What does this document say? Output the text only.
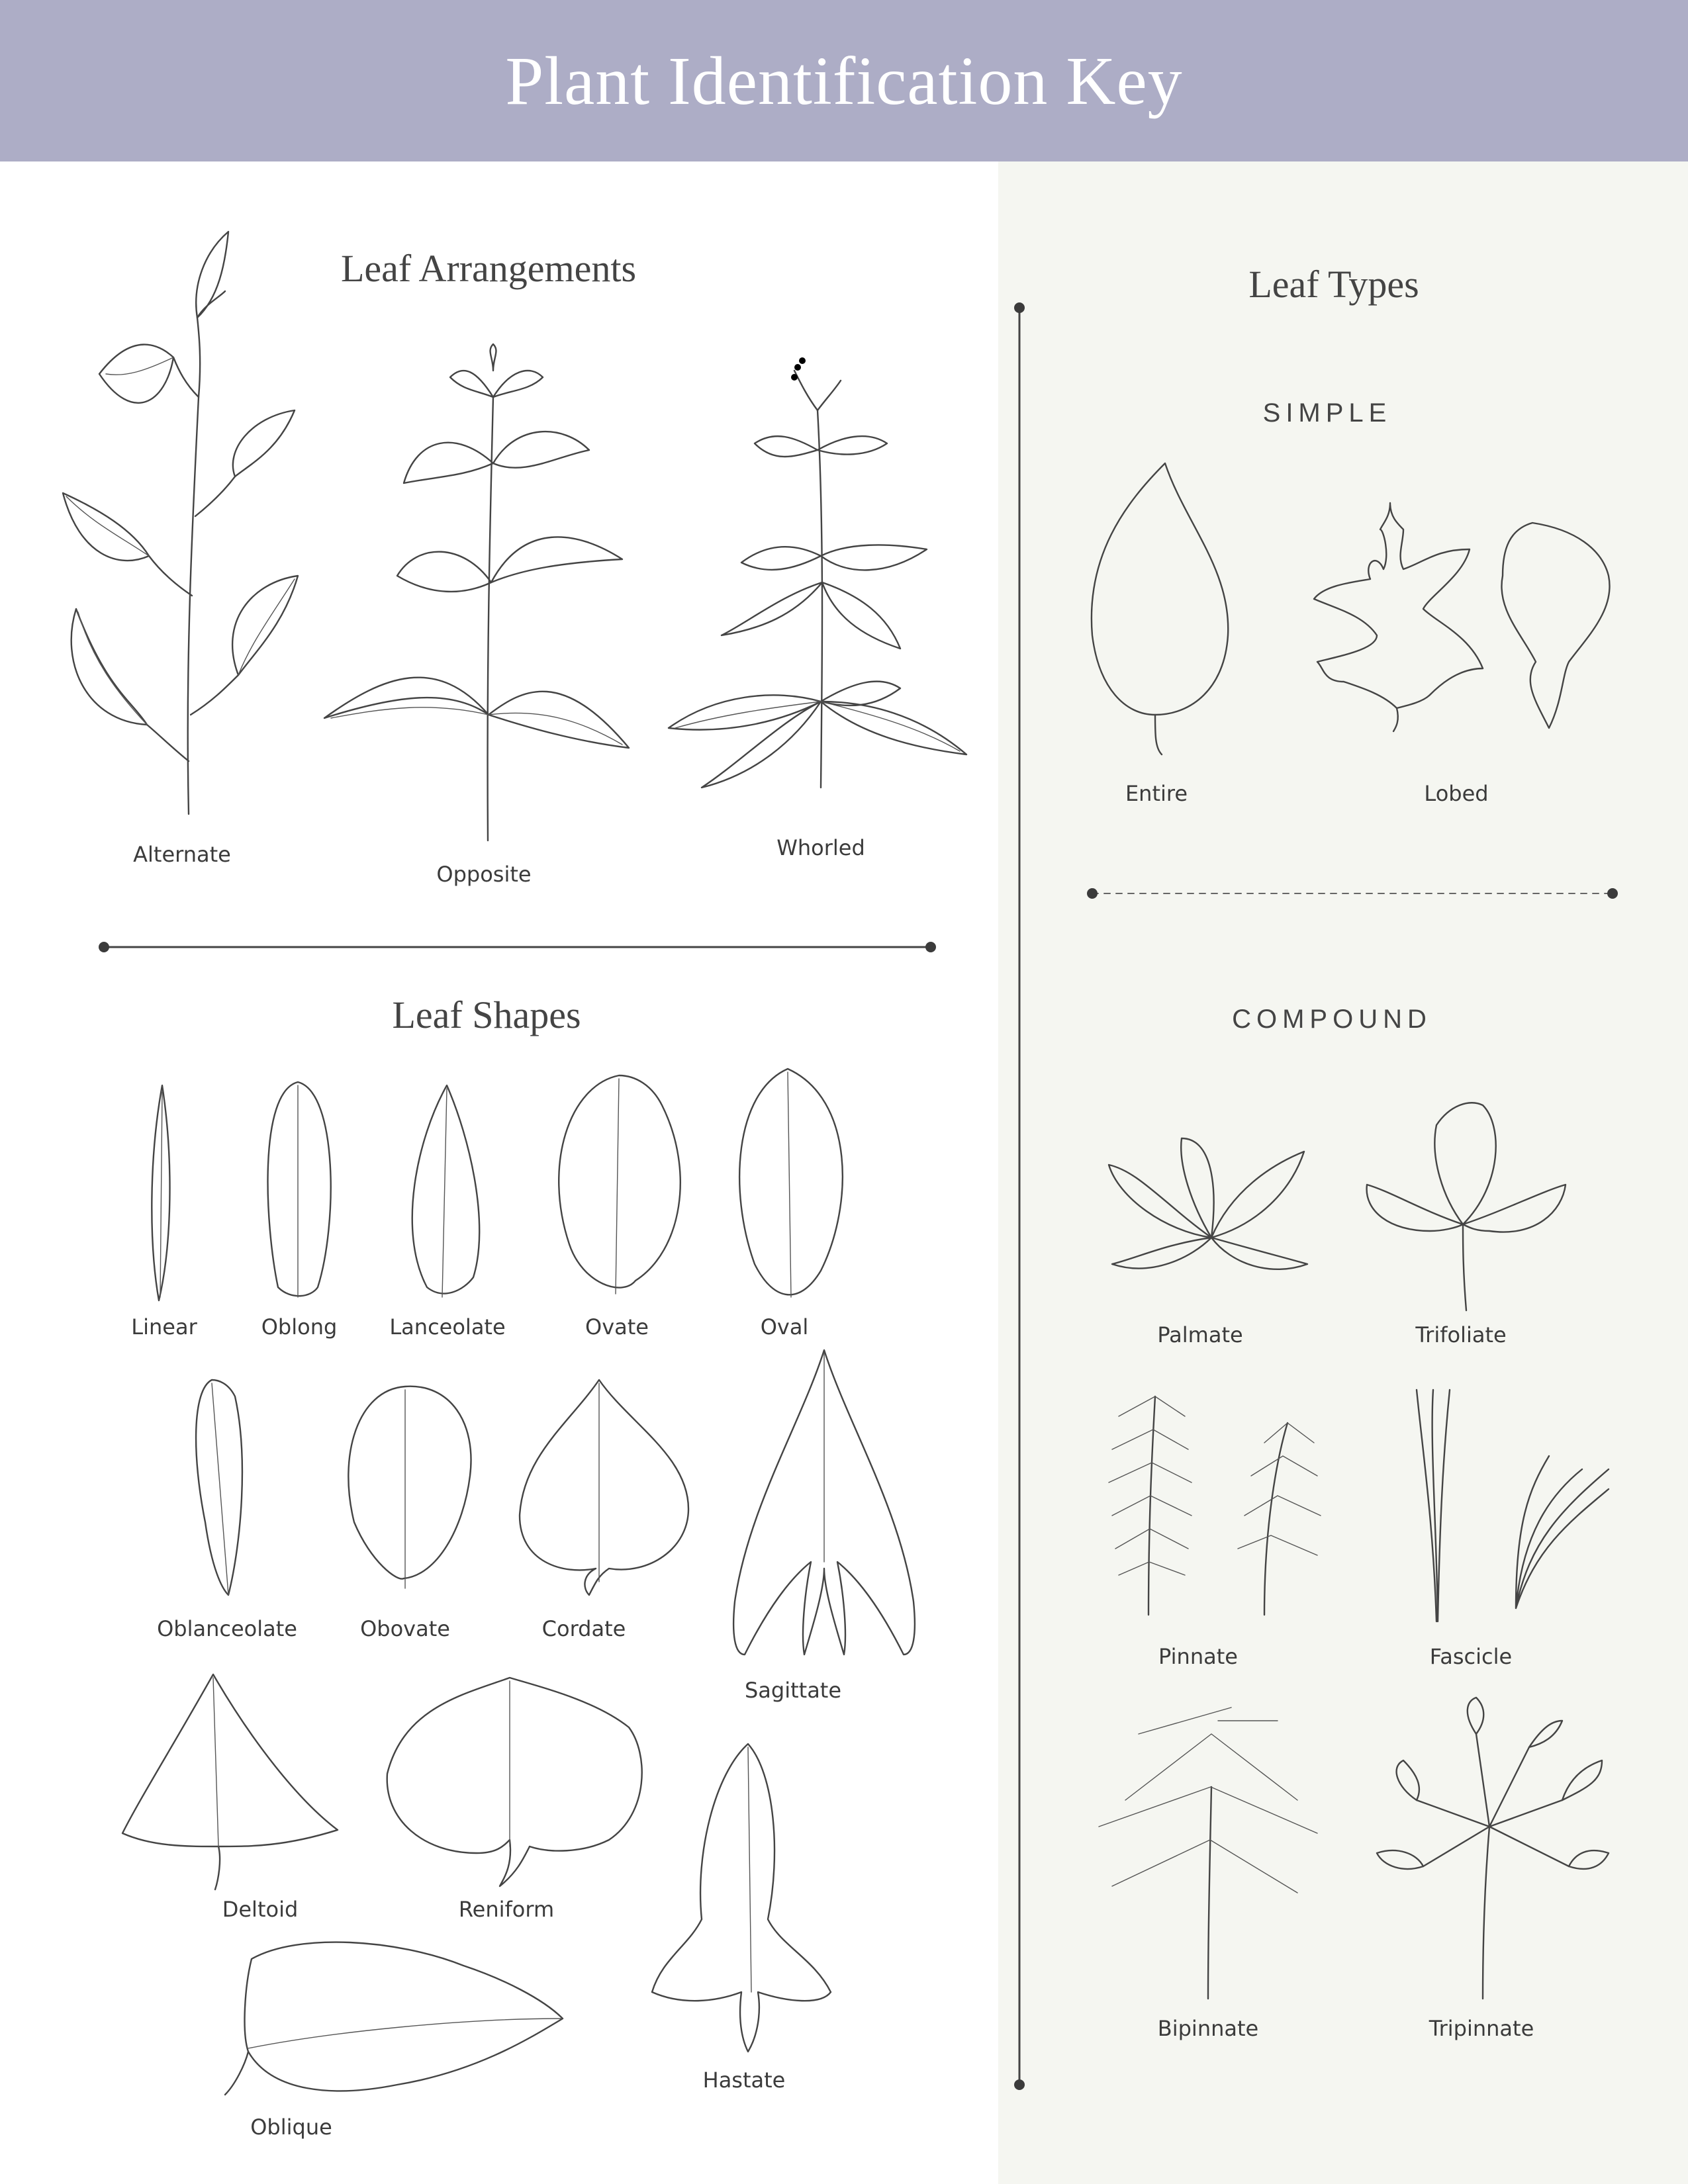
Plant Identification Key
Leaf Arrangements
Leaf Shapes
Leaf Types
SIMPLE
COMPOUND
Alternate
Opposite
Whorled
Linear	Oblong Lanceolate	Ovate	Oval
Oblanceolate	Obovate	Cordate
Sagittate
Deltoid	Reniform
Hastate
Oblique
Entire	Lobed
Palmate	Trifoliate
Pinnate	Fascicle
Bipinnate	Tripinnate
